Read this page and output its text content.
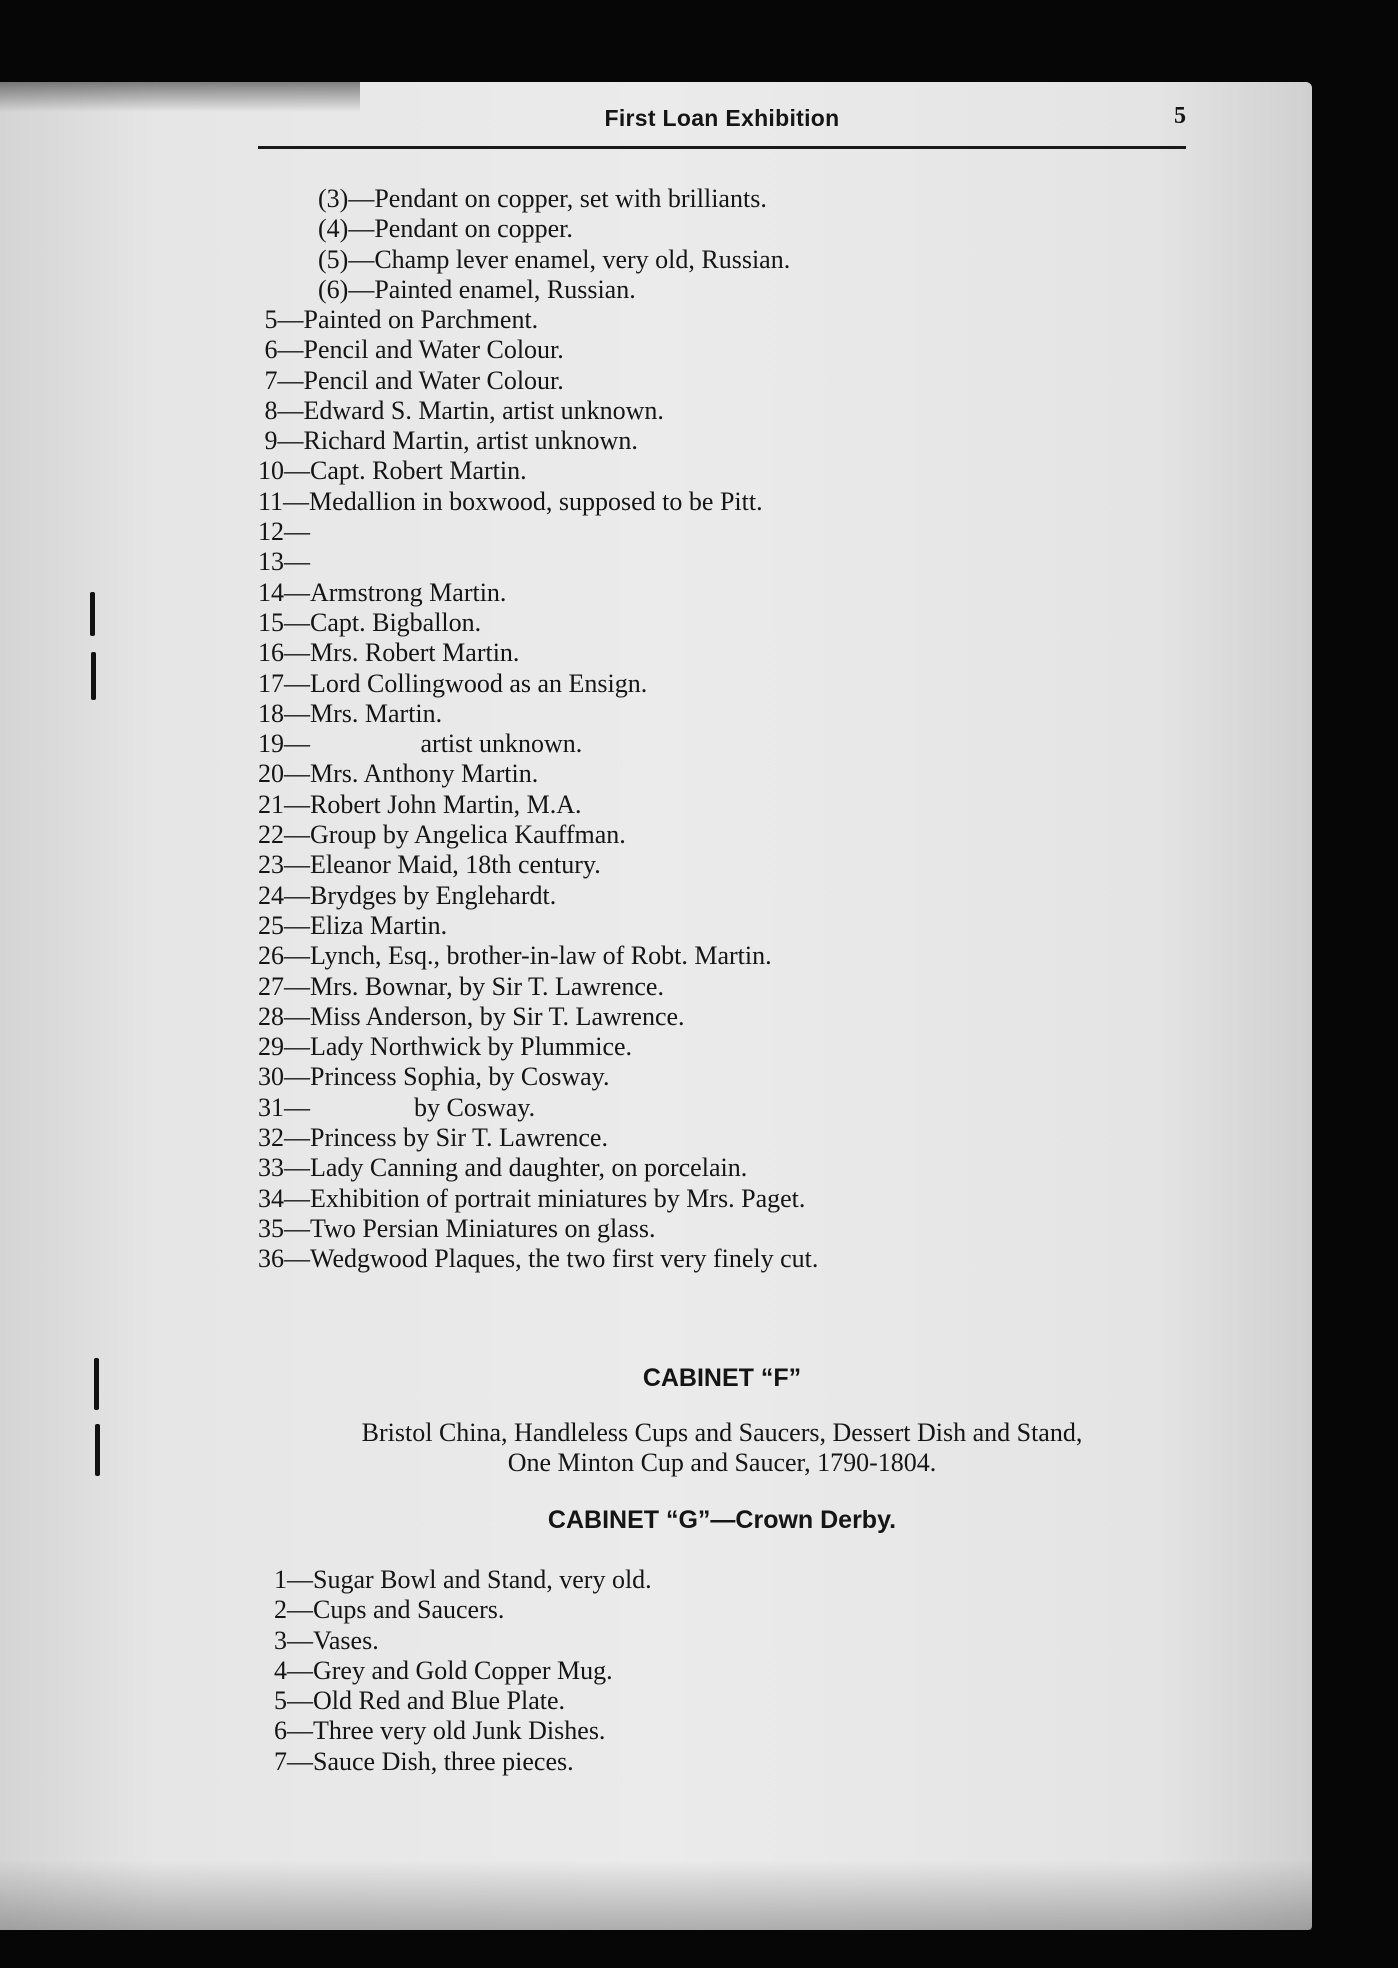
First Loan Exhibition	5
(3)—Pendant on copper, set with brilliants.
(4)—Pendant on copper.
(5)—Champ lever enamel, very old, Russian.
(6)—Painted enamel, Russian.
5—Painted on Parchment.
6—Pencil and Water Colour.
7—Pencil and Water Colour.
8—Edward S. Martin, artist unknown.
9—Richard Martin, artist unknown.
10—Capt. Robert Martin.
11—Medallion in boxwood, supposed to be Pitt.
12—
13—
14—Armstrong Martin.
15—Capt. Bigballon.
16—Mrs. Robert Martin.
17—Lord Collingwood as an Ensign.
18—Mrs. Martin.
19—                 artist unknown.
20—Mrs. Anthony Martin.
21—Robert John Martin, M.A.
22—Group by Angelica Kauffman.
23—Eleanor Maid, 18th century.
24—Brydges by Englehardt.
25—Eliza Martin.
26—Lynch, Esq., brother-in-law of Robt. Martin.
27—Mrs. Bownar, by Sir T. Lawrence.
28—Miss Anderson, by Sir T. Lawrence.
29—Lady Northwick by Plummice.
30—Princess Sophia, by Cosway.
31—                by Cosway.
32—Princess by Sir T. Lawrence.
33—Lady Canning and daughter, on porcelain.
34—Exhibition of portrait miniatures by Mrs. Paget.
35—Two Persian Miniatures on glass.
36—Wedgwood Plaques, the two first very finely cut.
CABINET “F”
Bristol China, Handleless Cups and Saucers, Dessert Dish and Stand,
One Minton Cup and Saucer, 1790-1804.
CABINET “G”—Crown Derby.
1—Sugar Bowl and Stand, very old.
2—Cups and Saucers.
3—Vases.
4—Grey and Gold Copper Mug.
5—Old Red and Blue Plate.
6—Three very old Junk Dishes.
7—Sauce Dish, three pieces.
